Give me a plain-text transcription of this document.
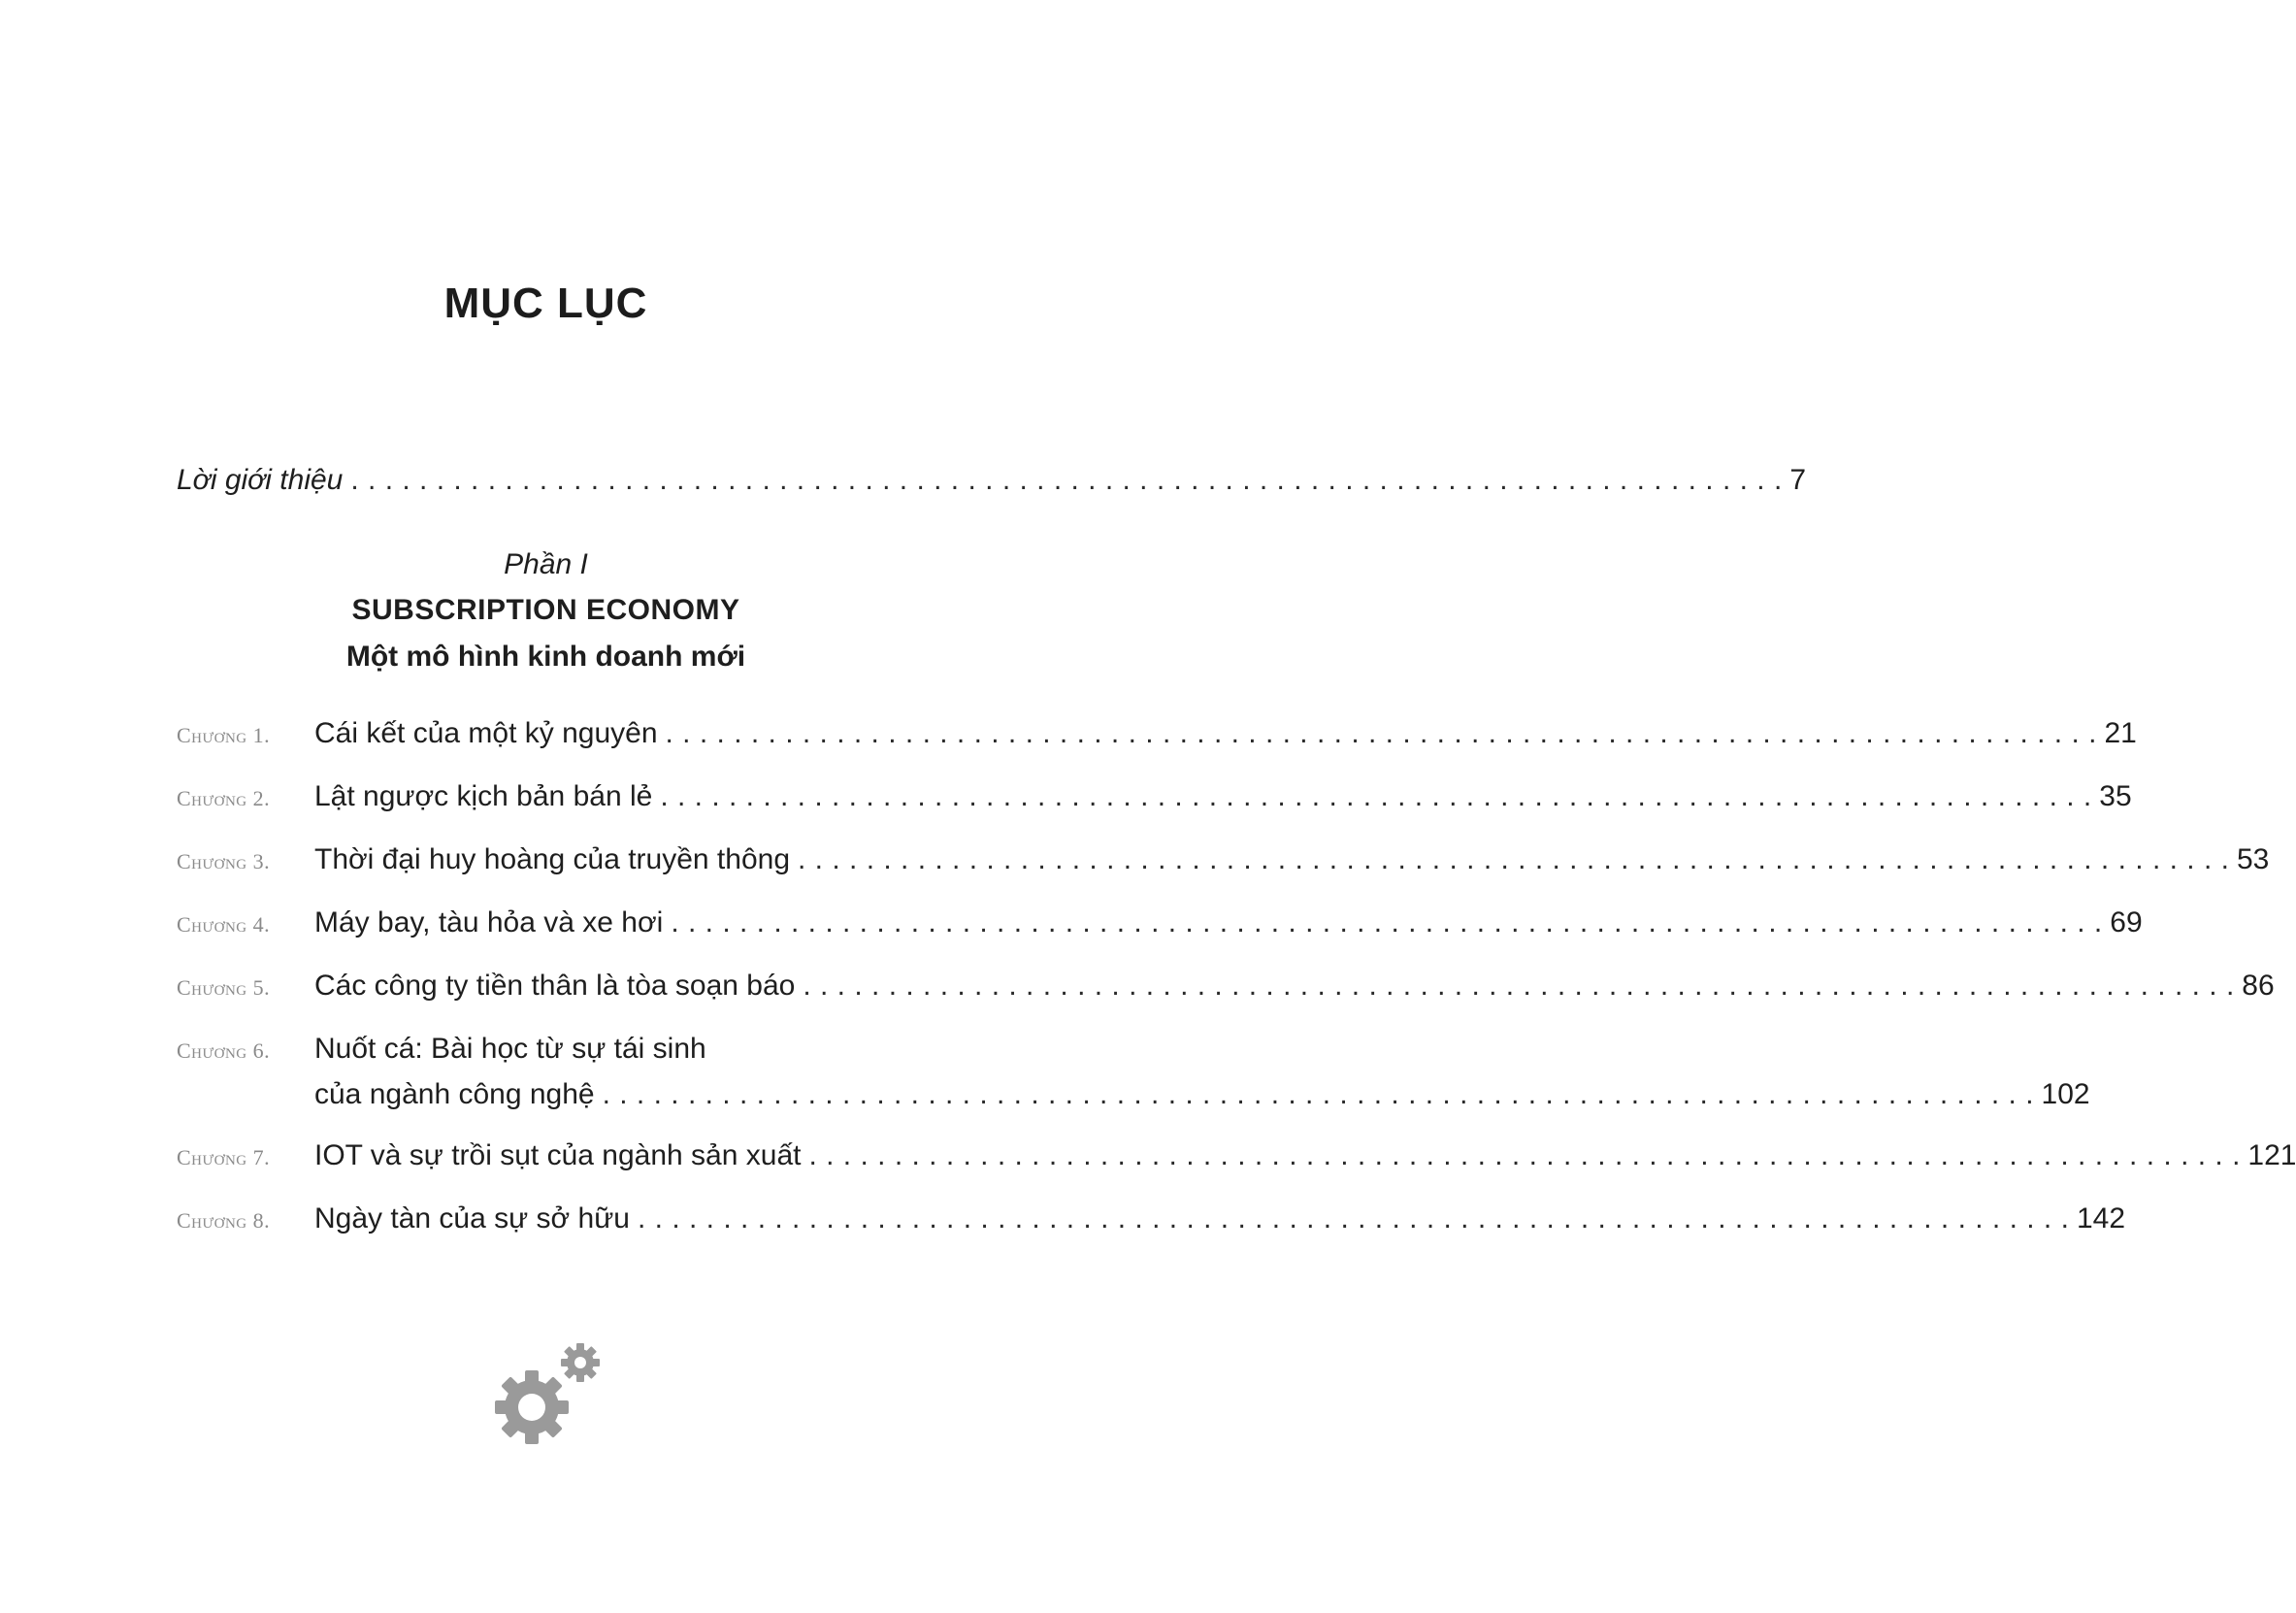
MỤC LỤC
Lời giới thiệu . . .	7
Phần I
SUBSCRIPTION ECONOMY
Một mô hình kinh doanh mới
Chương 1.	Cái kết của một kỷ nguyên . . .	21
Chương 2.	Lật ngược kịch bản bán lẻ . . .	35
Chương 3.	Thời đại huy hoàng của truyền thông . . .	53
Chương 4.	Máy bay, tàu hỏa và xe hơi . . .	69
Chương 5.	Các công ty tiền thân là tòa soạn báo . . .	86
Chương 6.	Nuốt cá: Bài học từ sự tái sinh
của ngành công nghệ . . .	102
Chương 7.	IOT và sự trồi sụt của ngành sản xuất . . .	121
Chương 8.	Ngày tàn của sự sở hữu . . .	142
